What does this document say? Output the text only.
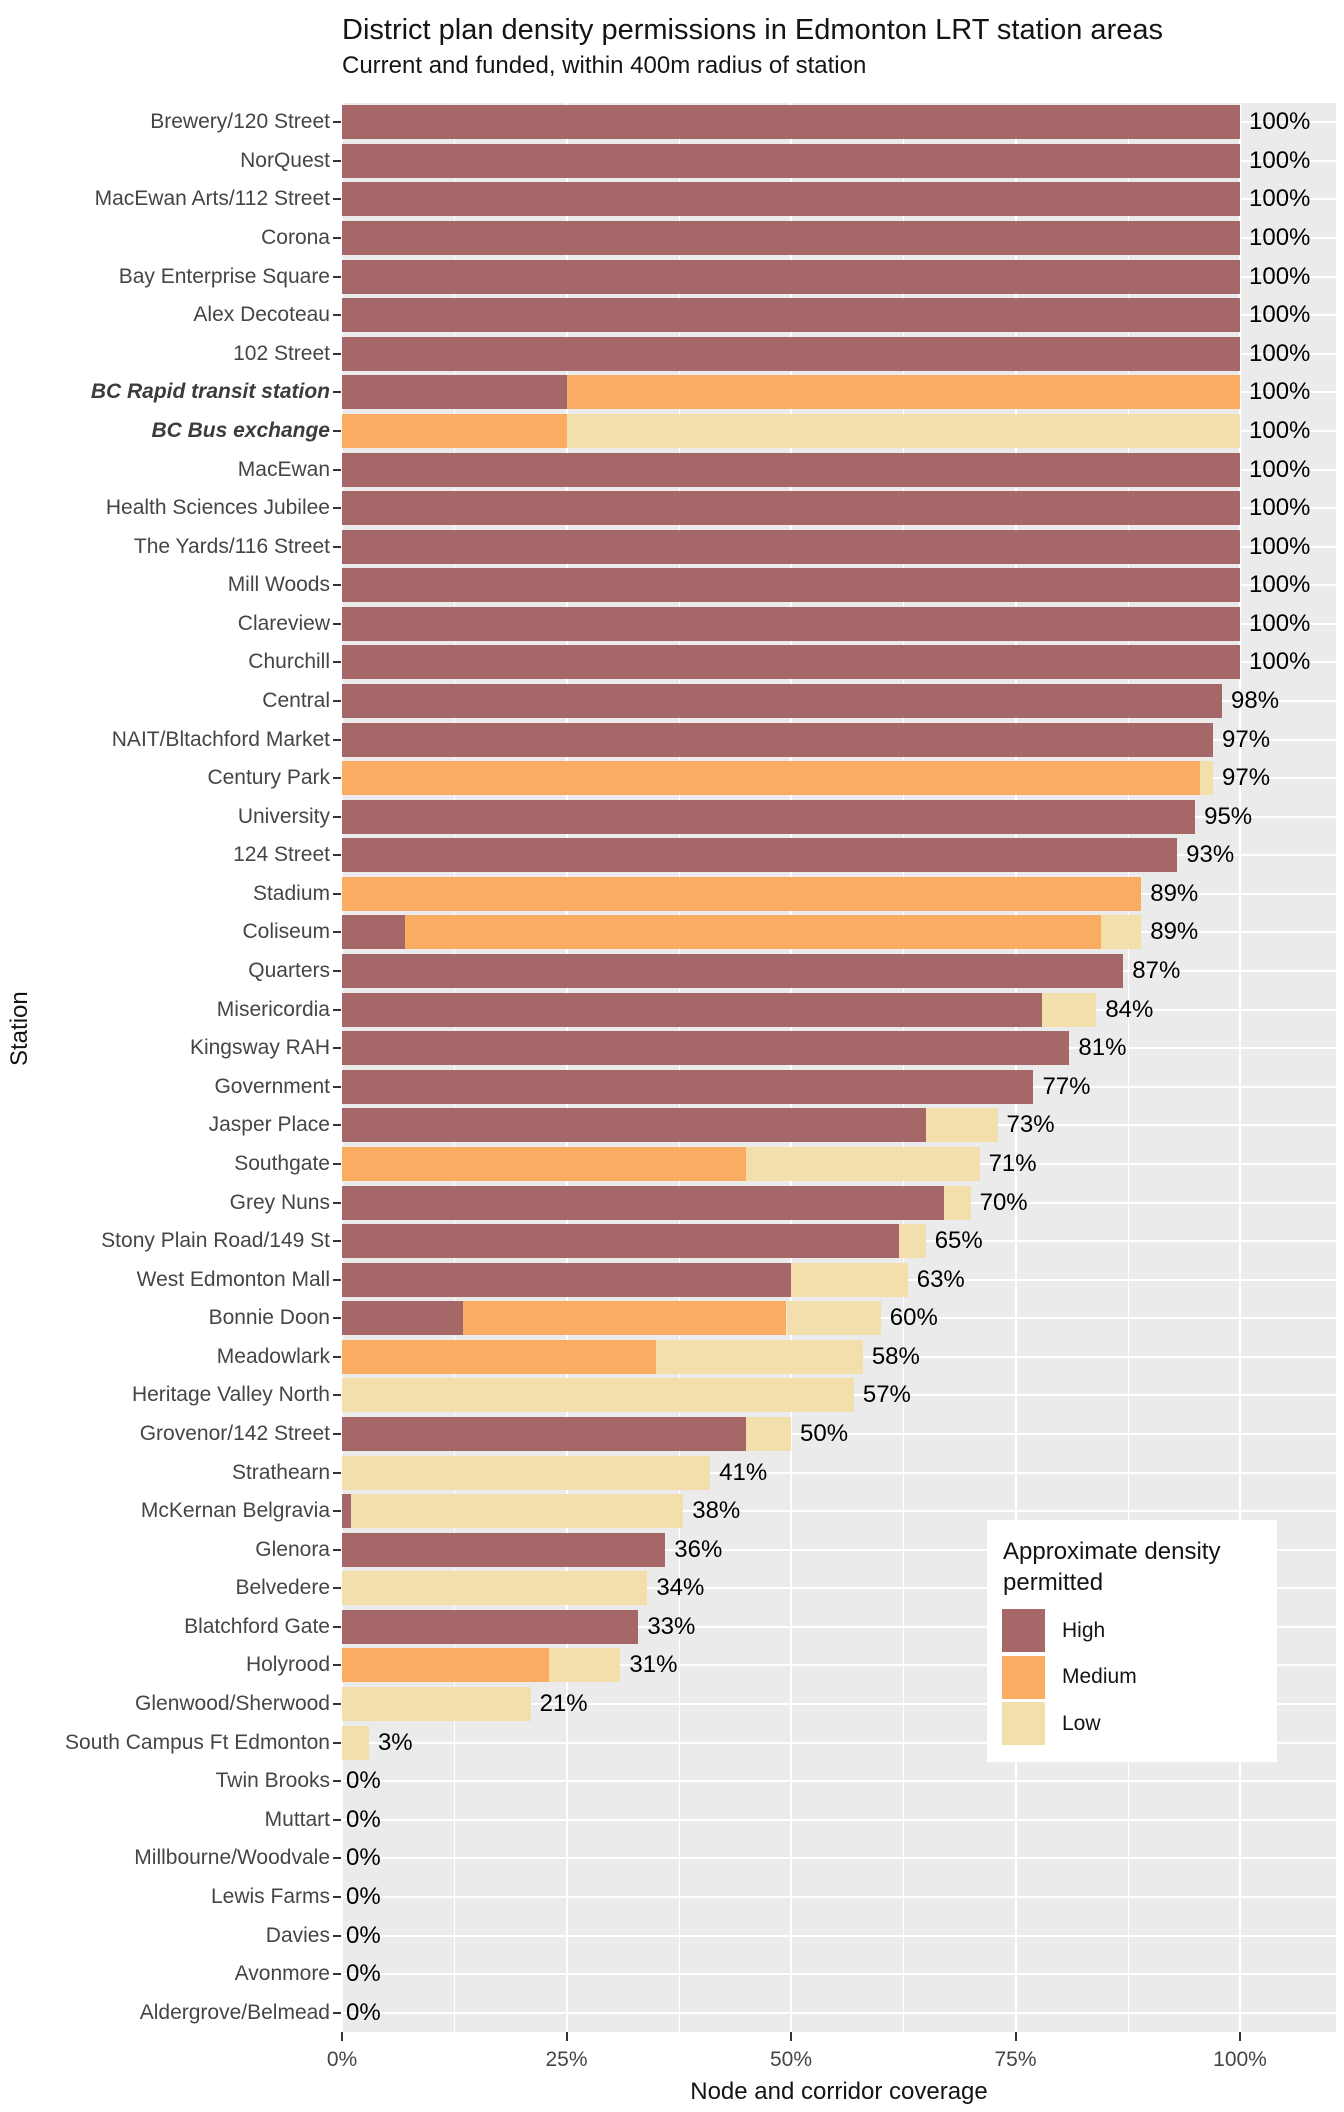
District plan density permissions in Edmonton LRT station areas
Current and funded, within 400m radius of station
Station
100%
100%
100%
100%
100%
100%
100%
100%
100%
100%
100%
100%
100%
100%
100%
98%
97%
97%
95%
93%
89%
89%
87%
84%
81%
77%
73%
71%
70%
65%
63%
60%
58%
57%
50%
41%
38%
36%
34%
33%
31%
21%
3%
0%
0%
0%
0%
0%
0%
0%
Brewery/120 Street
NorQuest
MacEwan Arts/112 Street
Corona
Bay Enterprise Square
Alex Decoteau
102 Street
BC Rapid transit station
BC Bus exchange
MacEwan
Health Sciences Jubilee
The Yards/116 Street
Mill Woods
Clareview
Churchill
Central
NAIT/Bltachford Market
Century Park
University
124 Street
Stadium
Coliseum
Quarters
Misericordia
Kingsway RAH
Government
Jasper Place
Southgate
Grey Nuns
Stony Plain Road/149 St
West Edmonton Mall
Bonnie Doon
Meadowlark
Heritage Valley North
Grovenor/142 Street
Strathearn
McKernan Belgravia
Glenora
Belvedere
Blatchford Gate
Holyrood
Glenwood/Sherwood
South Campus Ft Edmonton
Twin Brooks
Muttart
Millbourne/Woodvale
Lewis Farms
Davies
Avonmore
Aldergrove/Belmead
0%	25%	50%	75%	100%
Node and corridor coverage
Approximate density permitted
High
Medium
Low
